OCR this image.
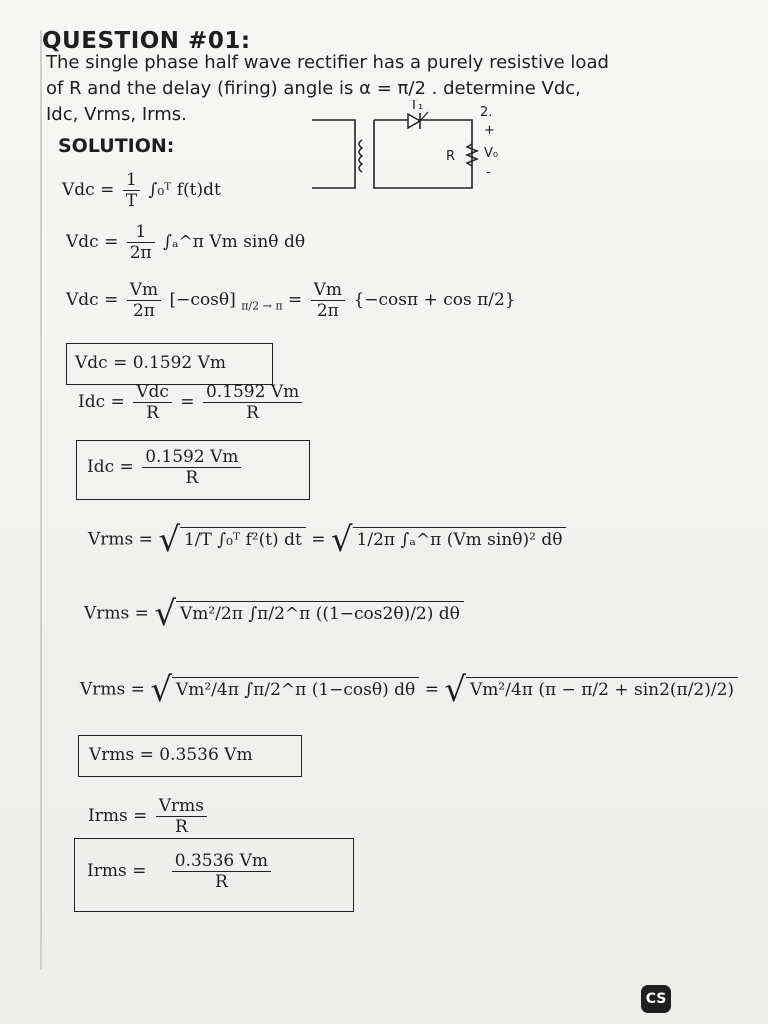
QUESTION #01:
The single phase half wave rectifier has a purely resistive load
of R and the delay (firing) angle is α = π/2 . determine Vdc,
Idc, Vrms, Irms.
SOLUTION:
T₁	2.
+
-
R V₀
Vdc = $\frac{1}{T}$ ∫₀ᵀ f(t)dt
Vdc = $\frac{1}{2\pi}$ ∫ₐ^π Vm sinθ dθ
Vdc = $\frac{Vm}{2\pi} [-\cos\theta] _{\pi/2 \to \pi} = \frac{Vm}{2\pi} \{-\cos\pi + \cos \pi/2\}$
Vdc = 0.1592 Vm
Idc = $\frac{\text{Vdc}}{R} = \frac{0.1592 Vm}{R}$
Idc = $\frac{0.1592 Vm}{R}$
Vrms = √ 1/T ∫₀ᵀ f²(t) dt = √ 1/2π ∫ₐ^π (Vm sinθ)² dθ
Vrms = √ Vm²/2π ∫π/2^π ((1−cos2θ)/2) dθ
Vrms = √ Vm²/4π ∫π/2^π (1−cosθ) dθ = √ Vm²/4π (π − π/2 + sin2(π/2)/2)
Vrms = 0.3536 Vm
Irms = $\frac{\text{Vrms}}{R}$
Irms = $\frac{0.3536 Vm}{R}$
CS
